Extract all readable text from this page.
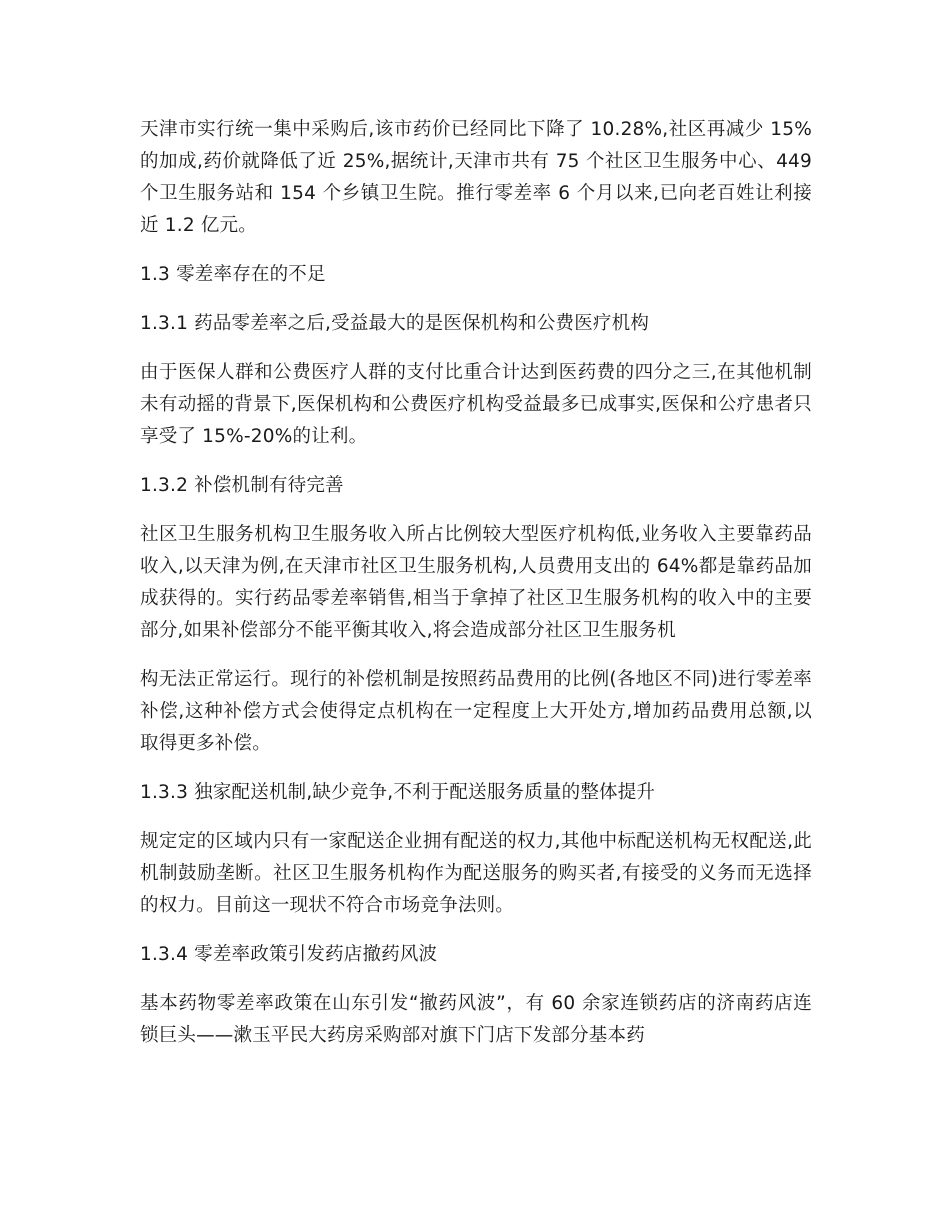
天津市实行统一集中采购后,该市药价已经同比下降了 10.28%,社区再减少 15%的加成,药价就降低了近 25%,据统计,天津市共有 75 个社区卫生服务中心、449 个卫生服务站和 154 个乡镇卫生院。推行零差率 6 个月以来,已向老百姓让利接近 1.2 亿元。

1.3 零差率存在的不足

1.3.1 药品零差率之后,受益最大的是医保机构和公费医疗机构

由于医保人群和公费医疗人群的支付比重合计达到医药费的四分之三,在其他机制未有动摇的背景下,医保机构和公费医疗机构受益最多已成事实,医保和公疗患者只享受了 15%-20%的让利。

1.3.2 补偿机制有待完善

社区卫生服务机构卫生服务收入所占比例较大型医疗机构低,业务收入主要靠药品收入,以天津为例,在天津市社区卫生服务机构,人员费用支出的 64%都是靠药品加成获得的。实行药品零差率销售,相当于拿掉了社区卫生服务机构的收入中的主要部分,如果补偿部分不能平衡其收入,将会造成部分社区卫生服务机

构无法正常运行。现行的补偿机制是按照药品费用的比例(各地区不同)进行零差率补偿,这种补偿方式会使得定点机构在一定程度上大开处方,增加药品费用总额,以取得更多补偿。

1.3.3 独家配送机制,缺少竞争,不利于配送服务质量的整体提升

规定定的区域内只有一家配送企业拥有配送的权力,其他中标配送机构无权配送,此机制鼓励垄断。社区卫生服务机构作为配送服务的购买者,有接受的义务而无选择的权力。目前这一现状不符合市场竞争法则。

1.3.4 零差率政策引发药店撤药风波

基本药物零差率政策在山东引发“撤药风波”，有 60 余家连锁药店的济南药店连锁巨头——漱玉平民大药房采购部对旗下门店下发部分基本药
